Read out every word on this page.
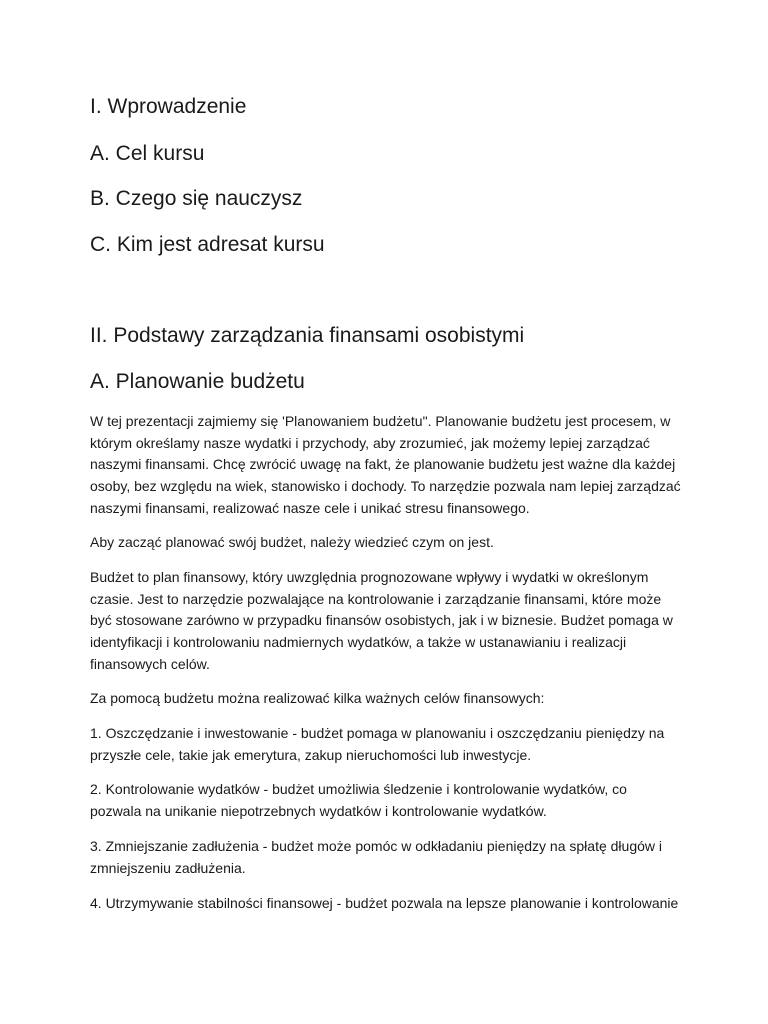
I. Wprowadzenie
A. Cel kursu
B. Czego się nauczysz
C. Kim jest adresat kursu
II. Podstawy zarządzania finansami osobistymi
A. Planowanie budżetu

W tej prezentacji zajmiemy się 'Planowaniem budżetu". Planowanie budżetu jest procesem, w którym określamy nasze wydatki i przychody, aby zrozumieć, jak możemy lepiej zarządzać naszymi finansami. Chcę zwrócić uwagę na fakt, że planowanie budżetu jest ważne dla każdej osoby, bez względu na wiek, stanowisko i dochody. To narzędzie pozwala nam lepiej zarządzać naszymi finansami, realizować nasze cele i unikać stresu finansowego.

Aby zacząć planować swój budżet, należy wiedzieć czym on jest.

Budżet to plan finansowy, który uwzględnia prognozowane wpływy i wydatki w określonym czasie. Jest to narzędzie pozwalające na kontrolowanie i zarządzanie finansami, które może być stosowane zarówno w przypadku finansów osobistych, jak i w biznesie. Budżet pomaga w identyfikacji i kontrolowaniu nadmiernych wydatków, a także w ustanawianiu i realizacji finansowych celów.

Za pomocą budżetu można realizować kilka ważnych celów finansowych:

1. Oszczędzanie i inwestowanie - budżet pomaga w planowaniu i oszczędzaniu pieniędzy na przyszłe cele, takie jak emerytura, zakup nieruchomości lub inwestycje.

2. Kontrolowanie wydatków - budżet umożliwia śledzenie i kontrolowanie wydatków, co pozwala na unikanie niepotrzebnych wydatków i kontrolowanie wydatków.

3. Zmniejszanie zadłużenia - budżet może pomóc w odkładaniu pieniędzy na spłatę długów i zmniejszeniu zadłużenia.

4. Utrzymywanie stabilności finansowej - budżet pozwala na lepsze planowanie i kontrolowanie
